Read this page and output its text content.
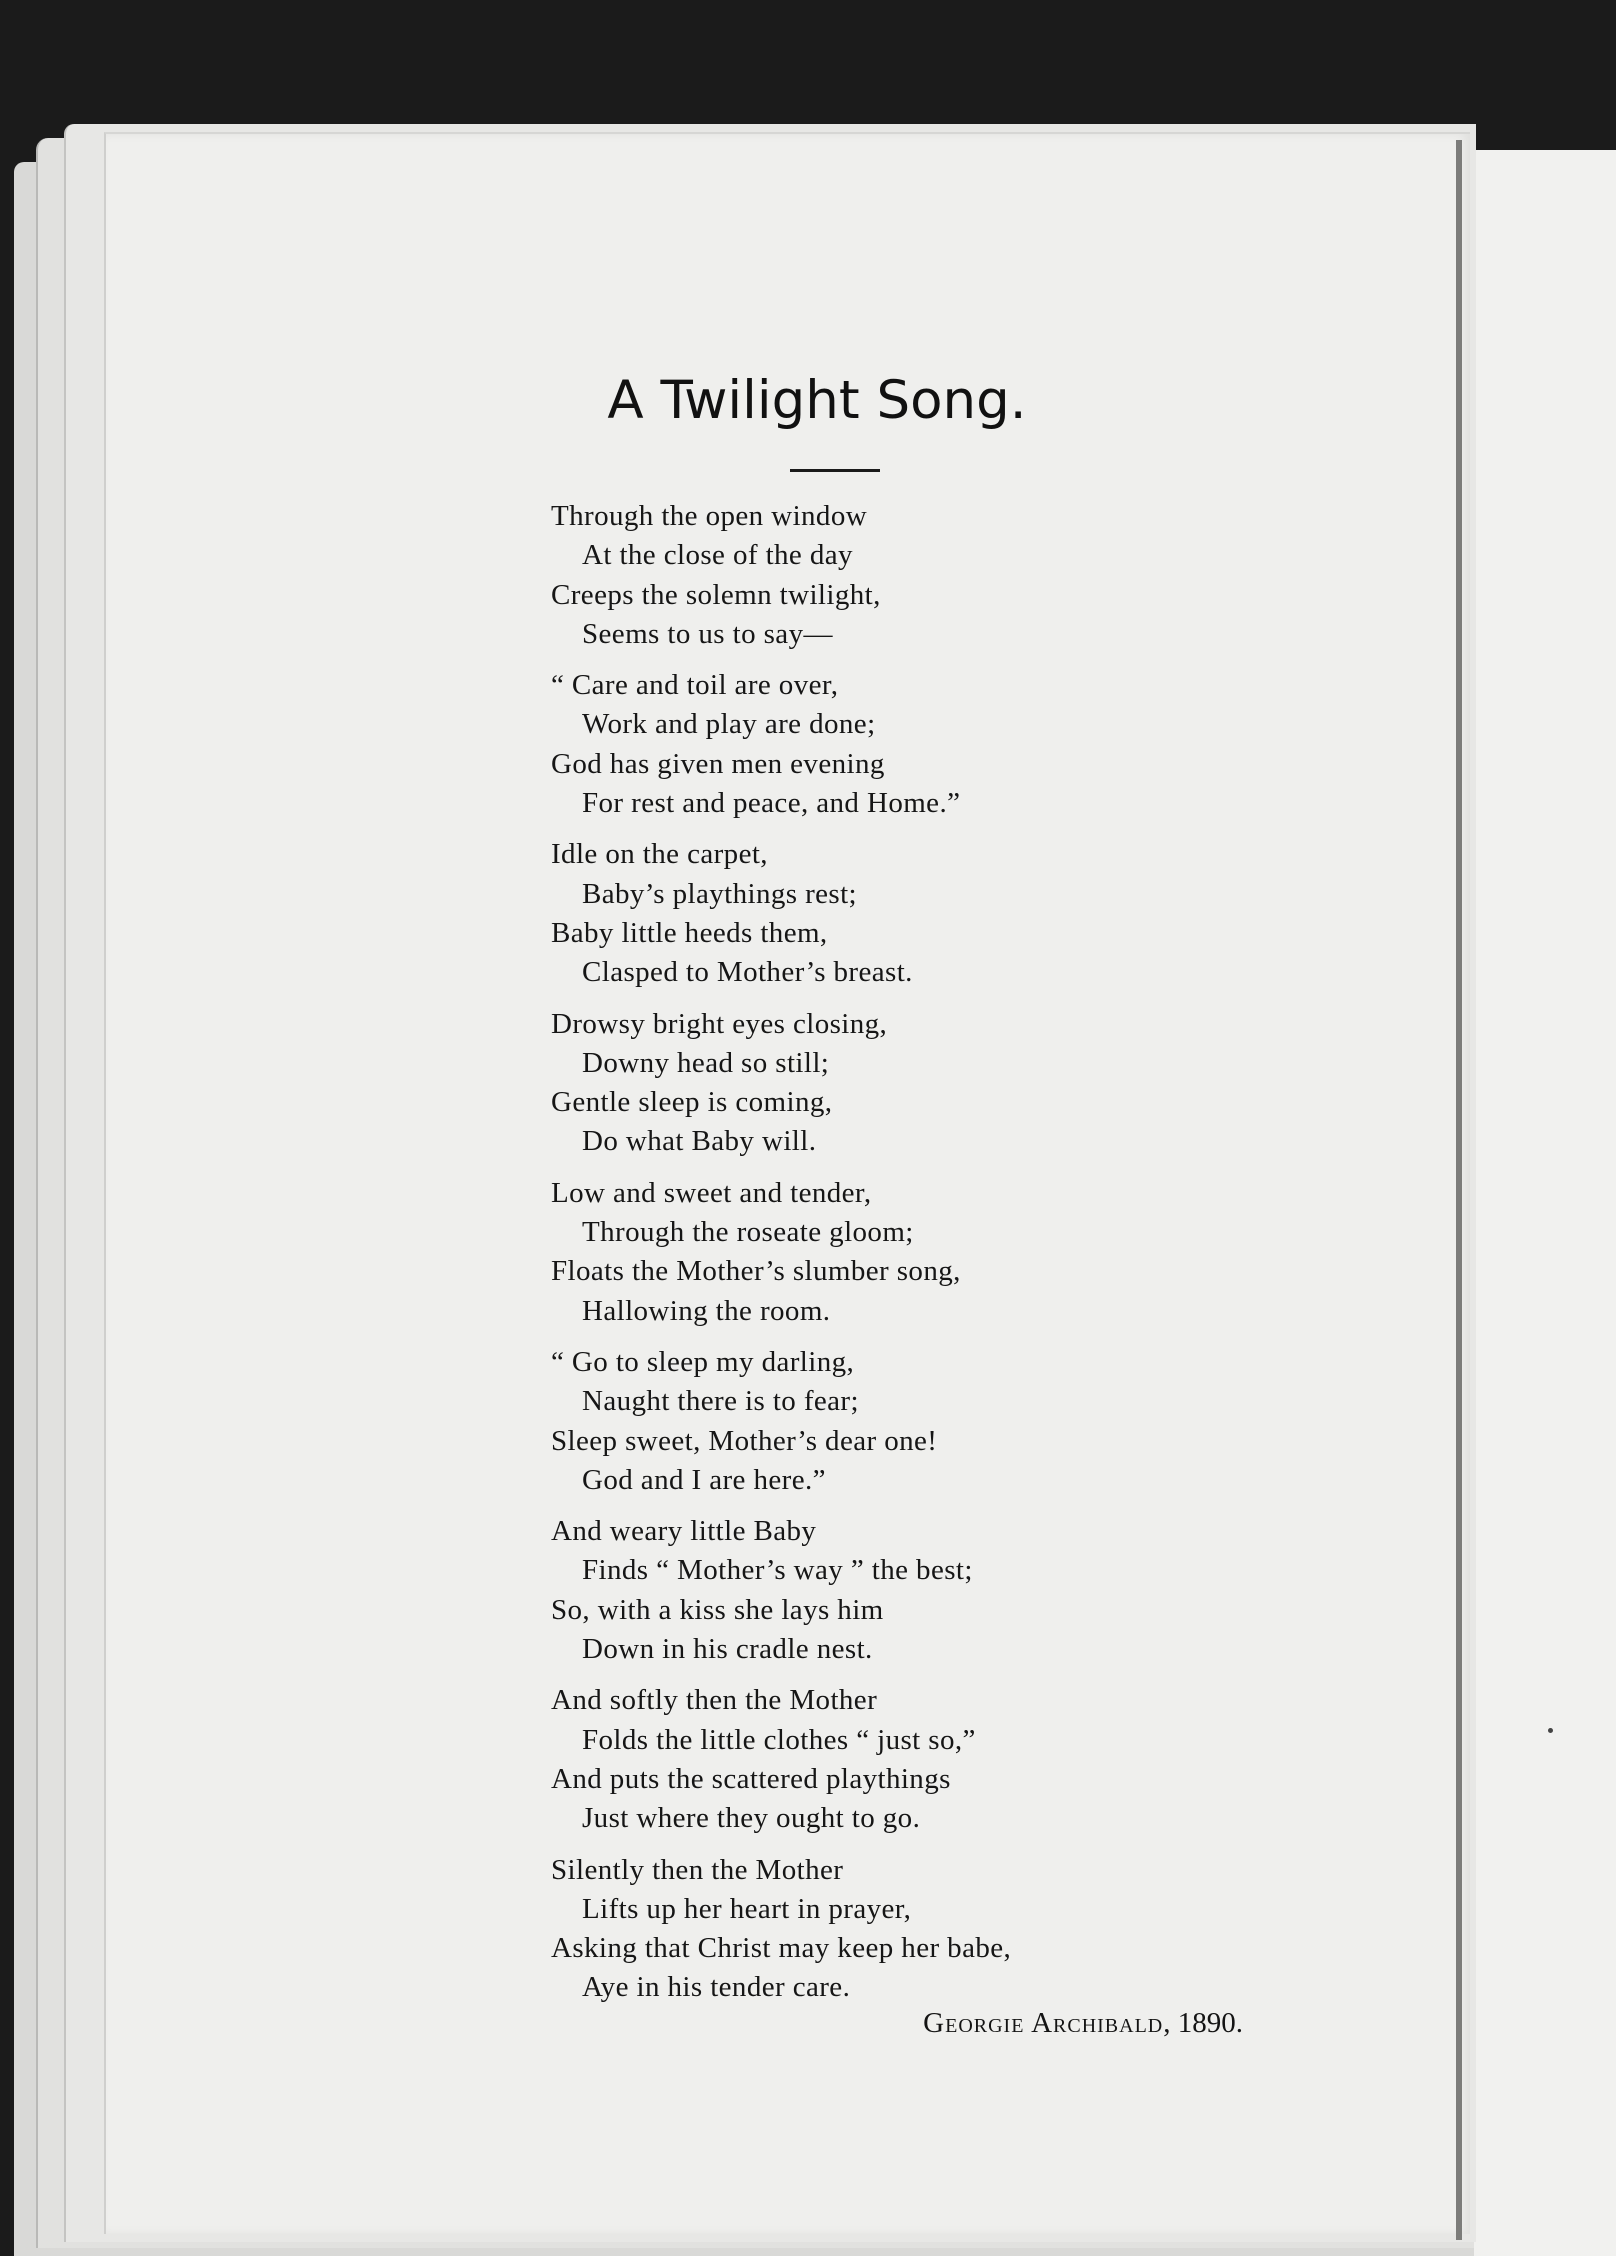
A Twilight Song.
Through the open window
At the close of the day
Creeps the solemn twilight,
Seems to us to say—
“ Care and toil are over,
Work and play are done;
God has given men evening
For rest and peace, and Home.”
Idle on the carpet,
Baby’s playthings rest;
Baby little heeds them,
Clasped to Mother’s breast.
Drowsy bright eyes closing,
Downy head so still;
Gentle sleep is coming,
Do what Baby will.
Low and sweet and tender,
Through the roseate gloom;
Floats the Mother’s slumber song,
Hallowing the room.
“ Go to sleep my darling,
Naught there is to fear;
Sleep sweet, Mother’s dear one!
God and I are here.”
And weary little Baby
Finds “ Mother’s way ” the best;
So, with a kiss she lays him
Down in his cradle nest.
And softly then the Mother
Folds the little clothes “ just so,”
And puts the scattered playthings
Just where they ought to go.
Silently then the Mother
Lifts up her heart in prayer,
Asking that Christ may keep her babe,
Aye in his tender care.
Georgie Archibald, 1890.
